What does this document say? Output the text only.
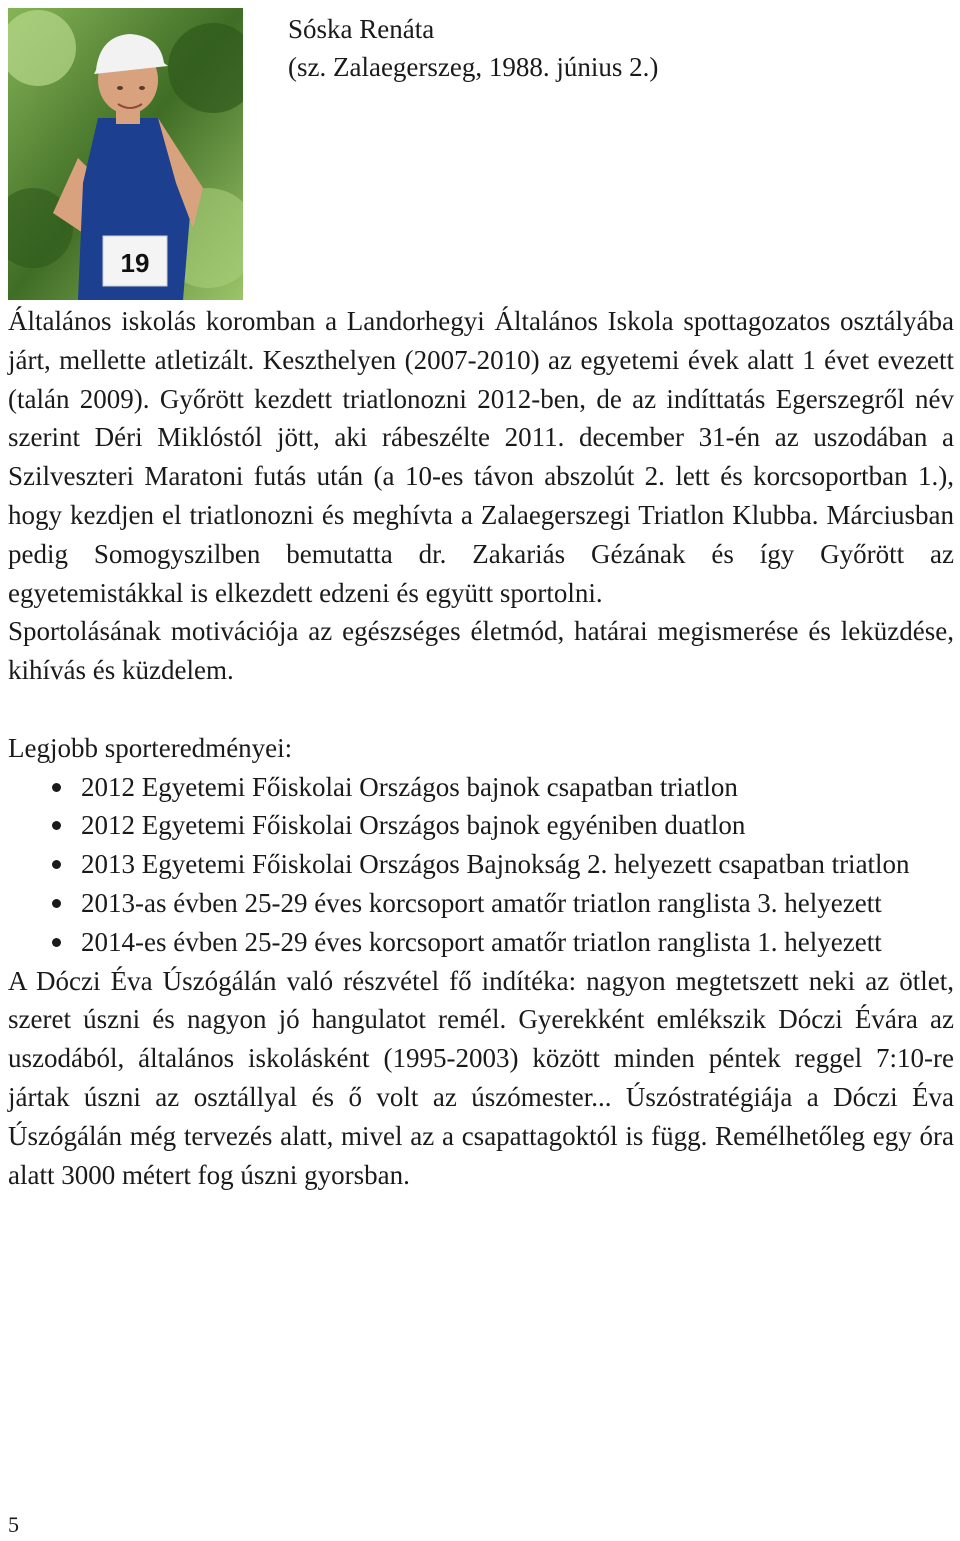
19
Sóska Renáta
(sz. Zalaegerszeg, 1988. június 2.)

Általános iskolás koromban a Landorhegyi Általános Iskola spottagozatos osztályába járt, mellette atletizált. Keszthelyen (2007-2010) az egyetemi évek alatt 1 évet evezett (talán 2009). Győrött kezdett triatlonozni 2012-ben, de az indíttatás Egerszegről név szerint Déri Miklóstól jött, aki rábeszélte 2011. december 31-én az uszodában a Szilveszteri Maratoni futás után (a 10-es távon abszolút 2. lett és korcsoportban 1.), hogy kezdjen el triatlonozni és meghívta a Zalaegerszegi Triatlon Klubba. Márciusban pedig Somogyszilben bemutatta dr. Zakariás Gézának és így Győrött az egyetemistákkal is elkezdett edzeni és együtt sportolni.

Sportolásának motivációja az egészséges életmód, határai megismerése és leküzdése, kihívás és küzdelem.

Legjobb sporteredményei:

2012 Egyetemi Főiskolai Országos bajnok csapatban triatlon
2012 Egyetemi Főiskolai Országos bajnok egyéniben duatlon
2013 Egyetemi Főiskolai Országos Bajnokság 2. helyezett csapatban triatlon
2013-as évben 25-29 éves korcsoport amatőr triatlon ranglista 3. helyezett
2014-es évben 25-29 éves korcsoport amatőr triatlon ranglista 1. helyezett

A Dóczi Éva Úszógálán való részvétel fő indítéka: nagyon megtetszett neki az ötlet, szeret úszni és nagyon jó hangulatot remél. Gyerekként emlékszik Dóczi Évára az uszodából, általános iskolásként (1995-2003) között minden péntek reggel 7:10-re jártak úszni az osztállyal és ő volt az úszómester... Úszóstratégiája a Dóczi Éva Úszógálán még tervezés alatt, mivel az a csapattagoktól is függ. Remélhetőleg egy óra alatt 3000 métert fog úszni gyorsban.

5
